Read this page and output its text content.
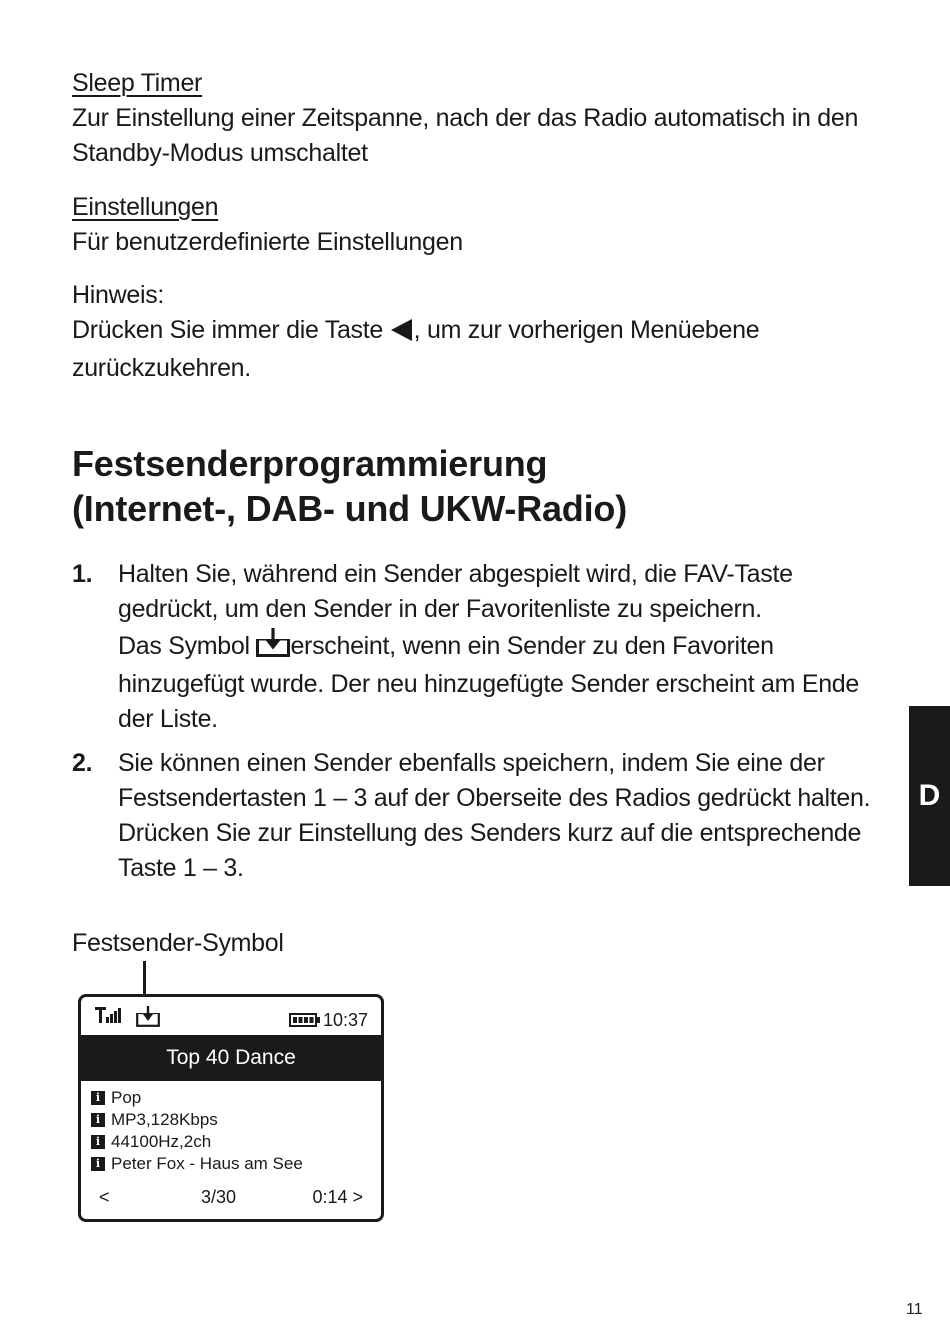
Sleep Timer

Zur Einstellung einer Zeitspanne, nach der das Radio automatisch in den Standby-Modus umschaltet

Einstellungen

Für benutzerdefinierte Einstellungen

Hinweis:

Drücken Sie immer die Taste , um zur vorherigen Menüebene zurückzukehren.

Festsenderprogrammierung

(Internet-, DAB- und UKW-Radio)

1. Halten Sie, während ein Sender abgespielt wird, die FAV-Taste gedrückt, um den Sender in der Favoritenliste zu speichern.

Das Symbol erscheint, wenn ein Sender zu den Favoriten hinzugefügt wurde. Der neu hinzugefügte Sender erscheint am Ende der Liste.

2. Sie können einen Sender ebenfalls speichern, indem Sie eine der Festsendertasten 1 – 3 auf der Oberseite des Radios gedrückt halten. Drücken Sie zur Einstellung des Senders kurz auf die entsprechende Taste 1 – 3.

Festsender-Symbol
10:37
Top 40 Dance
i Pop
i MP3,128Kbps
i 44100Hz,2ch
i Peter Fox - Haus am See
<	3/30	0:14 >
D
11
